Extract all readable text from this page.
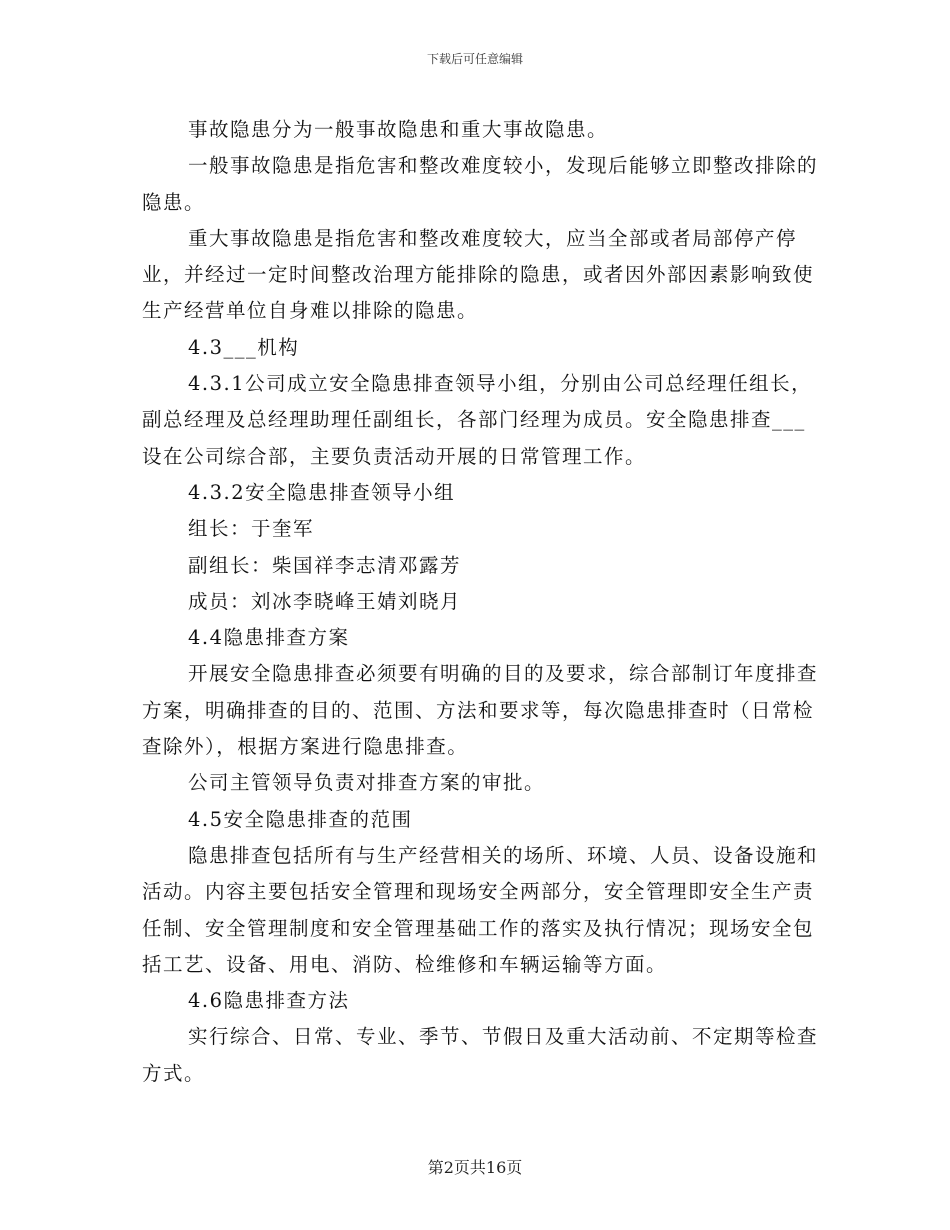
下载后可任意编辑

事故隐患分为一般事故隐患和重大事故隐患。

一般事故隐患是指危害和整改难度较小，发现后能够立即整改排除的隐患。

重大事故隐患是指危害和整改难度较大，应当全部或者局部停产停业，并经过一定时间整改治理方能排除的隐患，或者因外部因素影响致使生产经营单位自身难以排除的隐患。

4.3___机构

4.3.1公司成立安全隐患排查领导小组，分别由公司总经理任组长，副总经理及总经理助理任副组长，各部门经理为成员。安全隐患排查___设在公司综合部，主要负责活动开展的日常管理工作。

4.3.2安全隐患排查领导小组

组长：于奎军

副组长：柴国祥李志清邓露芳

成员：刘冰李晓峰王婧刘晓月

4.4隐患排查方案

开展安全隐患排查必须要有明确的目的及要求，综合部制订年度排查方案，明确排查的目的、范围、方法和要求等，每次隐患排查时（日常检查除外），根据方案进行隐患排查。

公司主管领导负责对排查方案的审批。

4.5安全隐患排查的范围

隐患排查包括所有与生产经营相关的场所、环境、人员、设备设施和活动。内容主要包括安全管理和现场安全两部分，安全管理即安全生产责任制、安全管理制度和安全管理基础工作的落实及执行情况；现场安全包括工艺、设备、用电、消防、检维修和车辆运输等方面。

4.6隐患排查方法

实行综合、日常、专业、季节、节假日及重大活动前、不定期等检查方式。

第2页共16页
